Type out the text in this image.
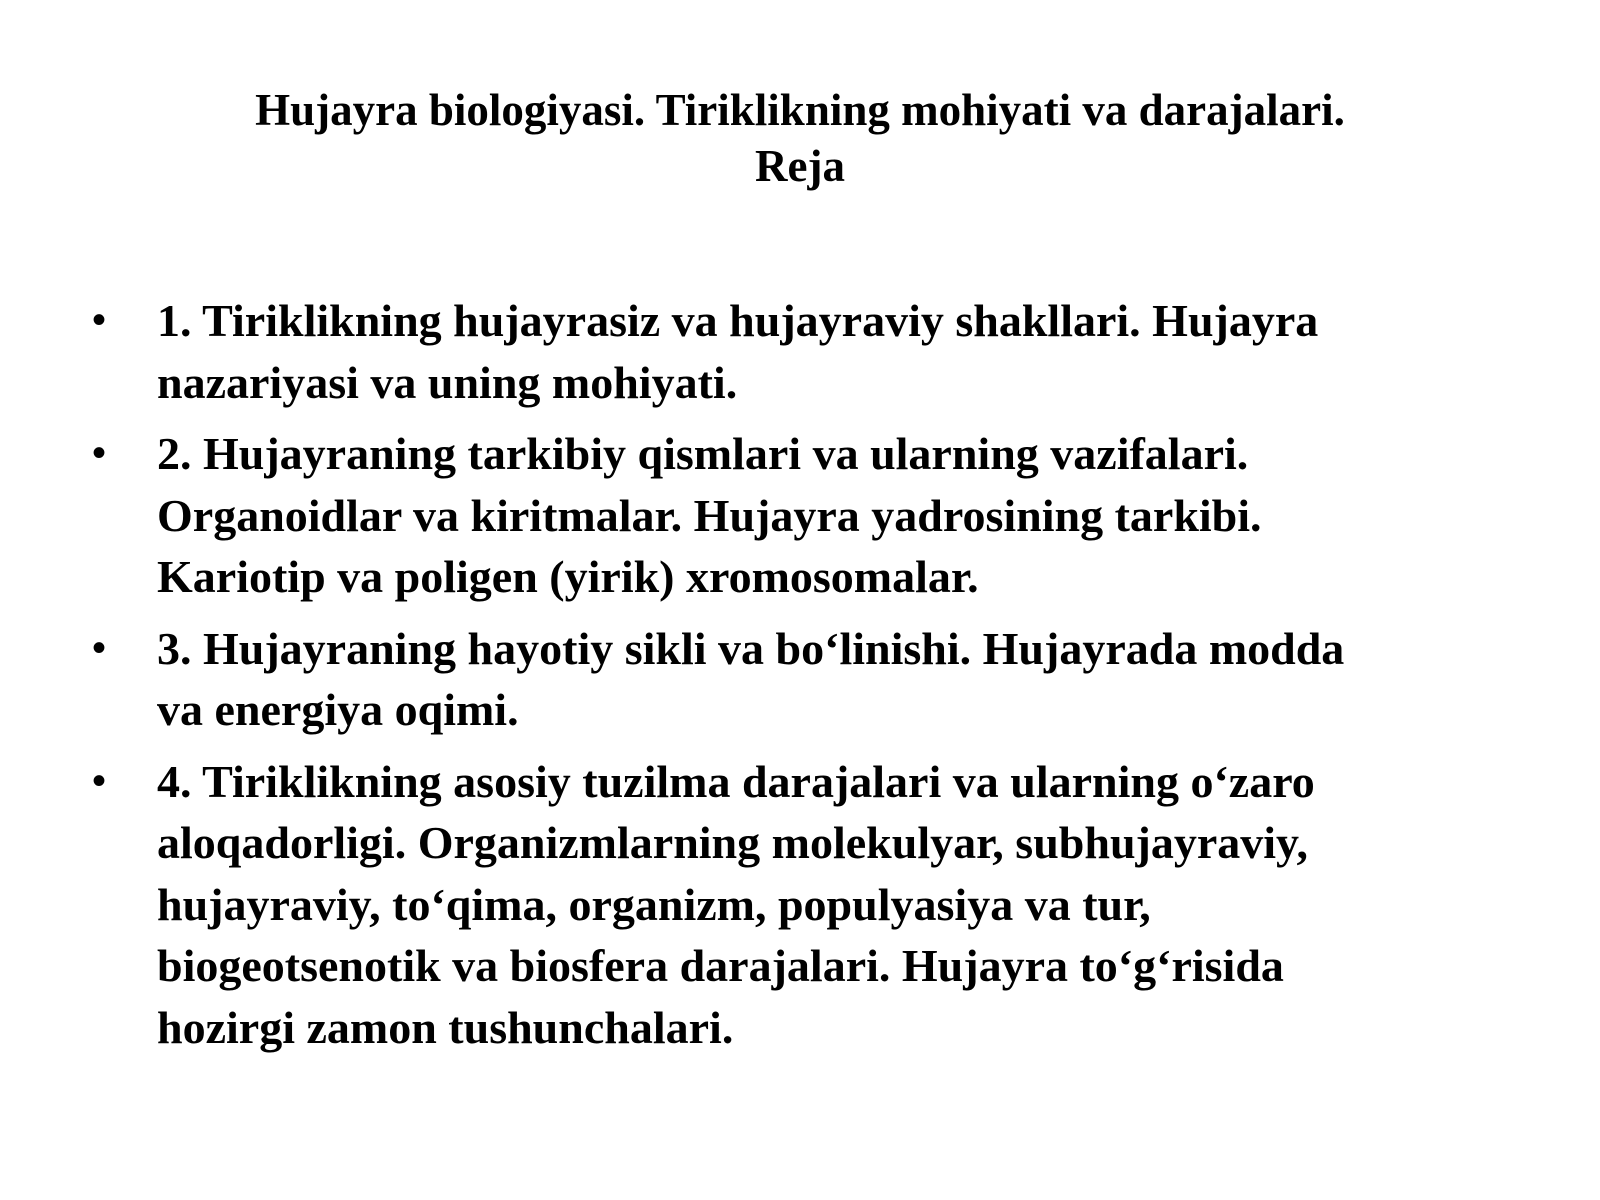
Hujayra biologiyasi. Tiriklikning mohiyati va darajalari.
Reja
• 1. Tiriklikning hujayrasiz va hujayraviy shakllari. Hujayra
nazariyasi va uning mohiyati.
• 2. Hujayraning tarkibiy qismlari va ularning vazifalari.
Organoidlar va kiritmalar. Hujayra yadrosining tarkibi.
Kariotip va poligen (yirik) xromosomalar.
• 3. Hujayraning hayotiy sikli va bo‘linishi. Hujayrada modda
va energiya oqimi.
• 4. Tiriklikning asosiy tuzilma darajalari va ularning o‘zaro
aloqadorligi. Organizmlarning molekulyar, subhujayraviy,
hujayraviy, to‘qima, organizm, populyasiya va tur,
biogeotsenotik va biosfera darajalari. Hujayra to‘g‘risida
hozirgi zamon tushunchalari.
